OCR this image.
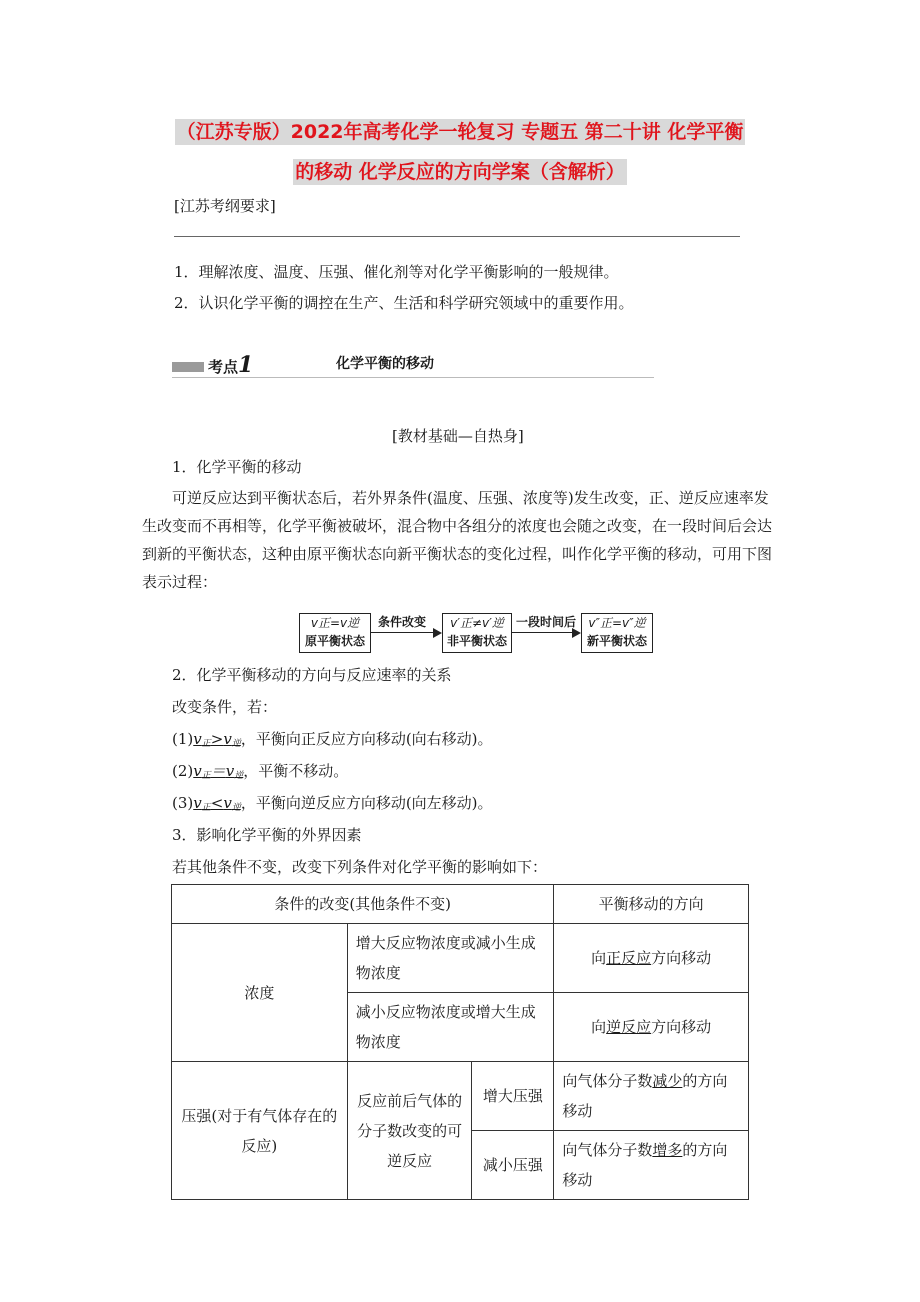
（江苏专版）2022年高考化学一轮复习 专题五 第二十讲 化学平衡
的移动 化学反应的方向学案（含解析）
[江苏考纲要求]
1．理解浓度、温度、压强、催化剂等对化学平衡影响的一般规律。
2．认识化学平衡的调控在生产、生活和科学研究领域中的重要作用。
考点1	化学平衡的移动
[教材基础—自热身]
1．化学平衡的移动
可逆反应达到平衡状态后，若外界条件(温度、压强、浓度等)发生改变，正、逆反应速率发生改变而不再相等，化学平衡被破坏，混合物中各组分的浓度也会随之改变，在一段时间后会达到新的平衡状态，这种由原平衡状态向新平衡状态的变化过程，叫作化学平衡的移动，可用下图表示过程：
v正=v逆
原平衡状态
条件改变	v′正≠v′逆
非平衡状态
一段时间后	v″正=v″逆
新平衡状态
2．化学平衡移动的方向与反应速率的关系
改变条件，若：
$(1)v_正>v_逆$，平衡向正反应方向移动(向右移动)。
$(2)v_正=v_逆$，平衡不移动。
$(3)v_正<v_逆$，平衡向逆反应方向移动(向左移动)。
3．影响化学平衡的外界因素
若其他条件不变，改变下列条件对化学平衡的影响如下：
条件的改变(其他条件不变)			平衡移动的方向
浓度	增大反应物浓度或减小生成物浓度		向正反应方向移动
	减小反应物浓度或增大生成物浓度		向逆反应方向移动
压强(对于有气体存在的反应)	反应前后气体的分子数改变的可逆反应	增大压强	向气体分子数减少的方向移动
		减小压强	向气体分子数增多的方向移动
